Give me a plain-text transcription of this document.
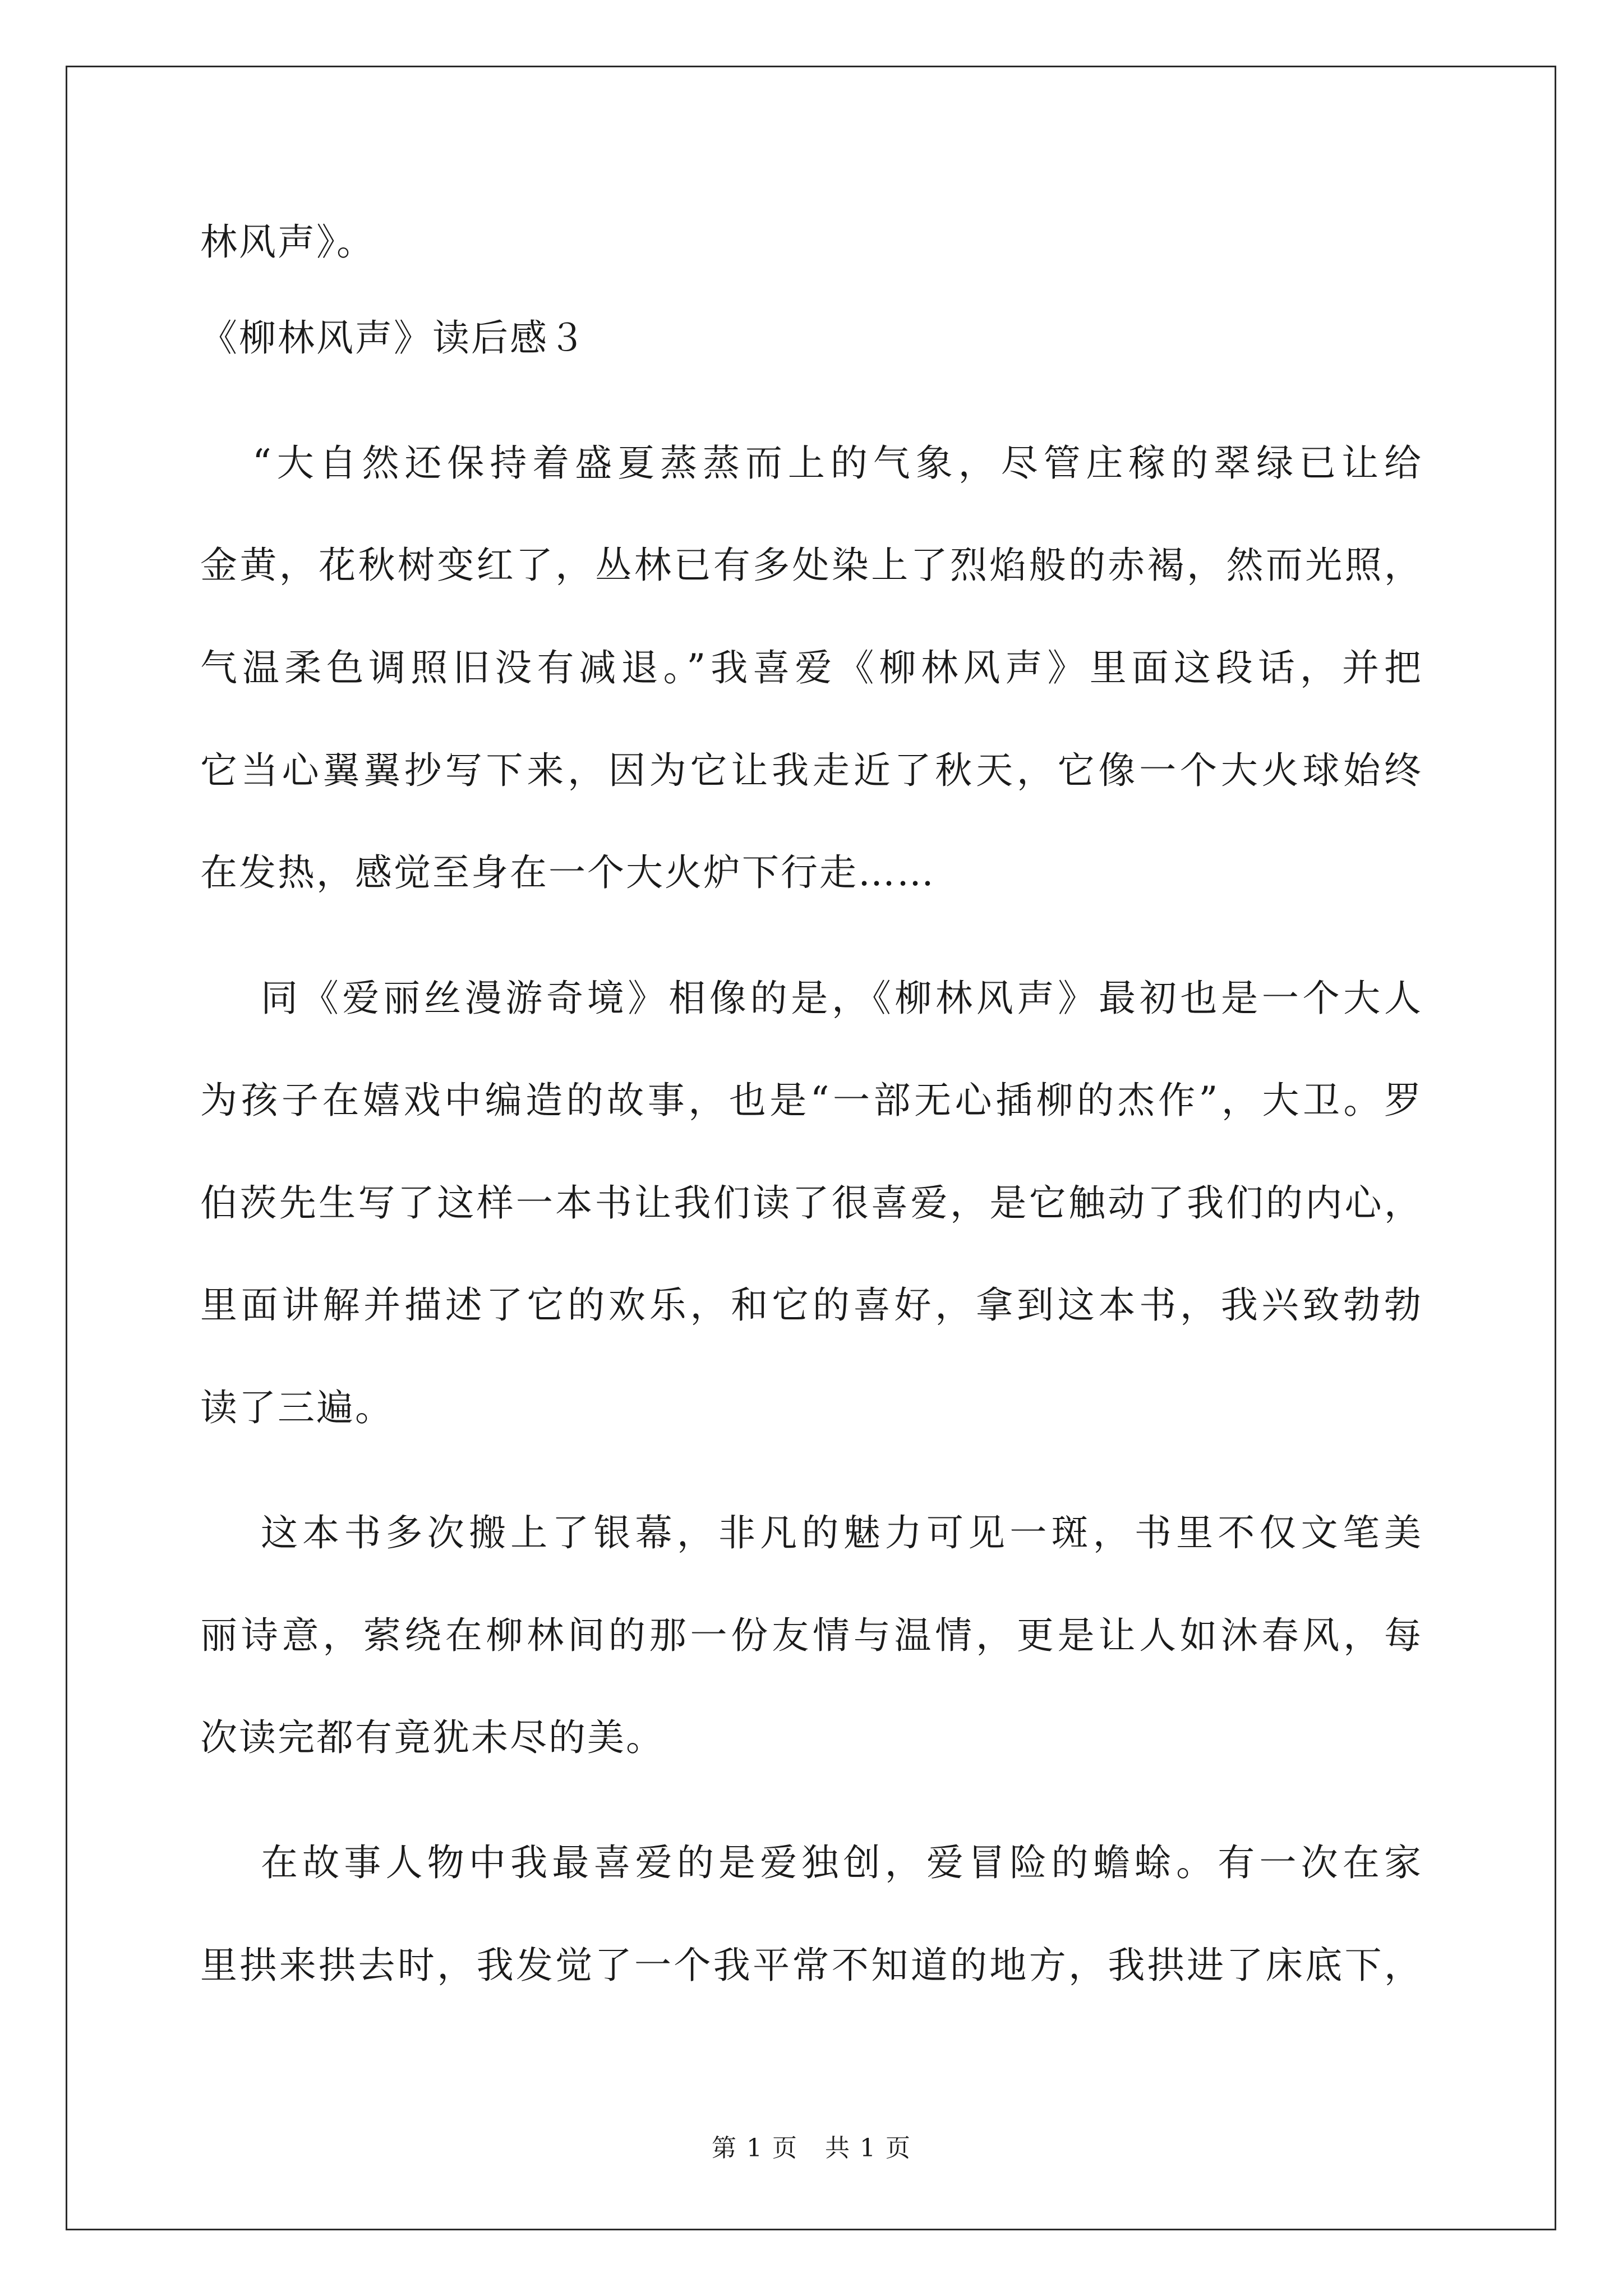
林风声》。
《柳林风声》读后感３
“大自然还保持着盛夏蒸蒸而上的气象，尽管庄稼的翠绿已让给
金黄，花秋树变红了，丛林已有多处染上了烈焰般的赤褐，然而光照，
气温柔色调照旧没有减退。”我喜爱《柳林风声》里面这段话，并把
它当心翼翼抄写下来，因为它让我走近了秋天，它像一个大火球始终
在发热，感觉至身在一个大火炉下行走……
同《爱丽丝漫游奇境》相像的是，《柳林风声》最初也是一个大人
为孩子在嬉戏中编造的故事，也是“一部无心插柳的杰作”，大卫。罗
伯茨先生写了这样一本书让我们读了很喜爱，是它触动了我们的内心，
里面讲解并描述了它的欢乐，和它的喜好，拿到这本书，我兴致勃勃
读了三遍。
这本书多次搬上了银幕，非凡的魅力可见一斑，书里不仅文笔美
丽诗意，萦绕在柳林间的那一份友情与温情，更是让人如沐春风，每
次读完都有竟犹未尽的美。
在故事人物中我最喜爱的是爱独创，爱冒险的蟾蜍。有一次在家
里拱来拱去时，我发觉了一个我平常不知道的地方，我拱进了床底下，
第 1 页   共 1 页
